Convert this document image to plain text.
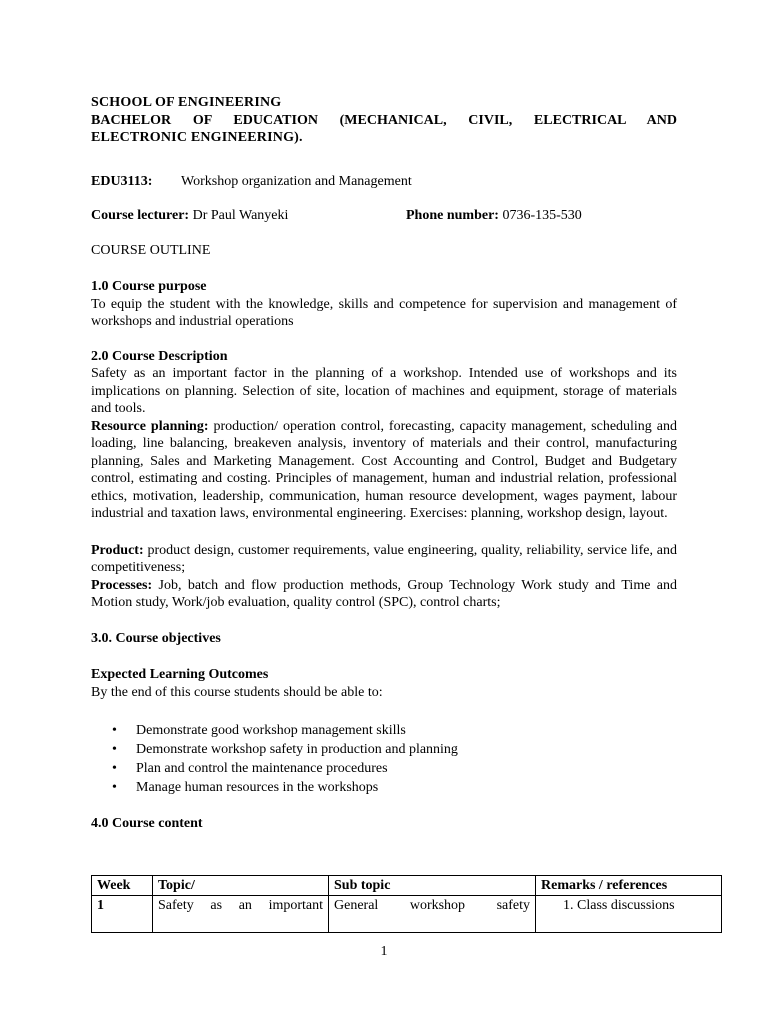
SCHOOL OF ENGINEERING
BACHELOR OF EDUCATION (MECHANICAL, CIVIL, ELECTRICAL AND
ELECTRONIC ENGINEERING).
EDU3113:	Workshop organization and Management
Course lecturer: Dr Paul Wanyeki	Phone number: 0736-135-530
COURSE OUTLINE
1.0 Course purpose
To equip the student with the knowledge, skills and competence for supervision and management of workshops and industrial operations
2.0 Course Description
Safety as an important factor in the planning of a workshop. Intended use of workshops and its implications on planning. Selection of site, location of machines and equipment, storage of materials and tools.
Resource planning: production/ operation control, forecasting, capacity management, scheduling and loading, line balancing, breakeven analysis, inventory of materials and their control, manufacturing planning, Sales and Marketing Management. Cost Accounting and Control, Budget and Budgetary control, estimating and costing. Principles of management, human and industrial relation, professional ethics, motivation, leadership, communication, human resource development, wages payment, labour industrial and taxation laws, environmental engineering. Exercises: planning, workshop design, layout.
Product: product design, customer requirements, value engineering, quality, reliability, service life, and competitiveness;
Processes: Job, batch and flow production methods, Group Technology Work study and Time and Motion study, Work/job evaluation, quality control (SPC), control charts;
3.0. Course objectives
Expected Learning Outcomes
By the end of this course students should be able to:
• Demonstrate good workshop management skills
• Demonstrate workshop safety in production and planning
• Plan and control the maintenance procedures
• Manage human resources in the workshops
4.0 Course content
Week	Topic/	Sub topic	Remarks / references
1	Safety as an important	General workshop safety	1. Class discussions
1
